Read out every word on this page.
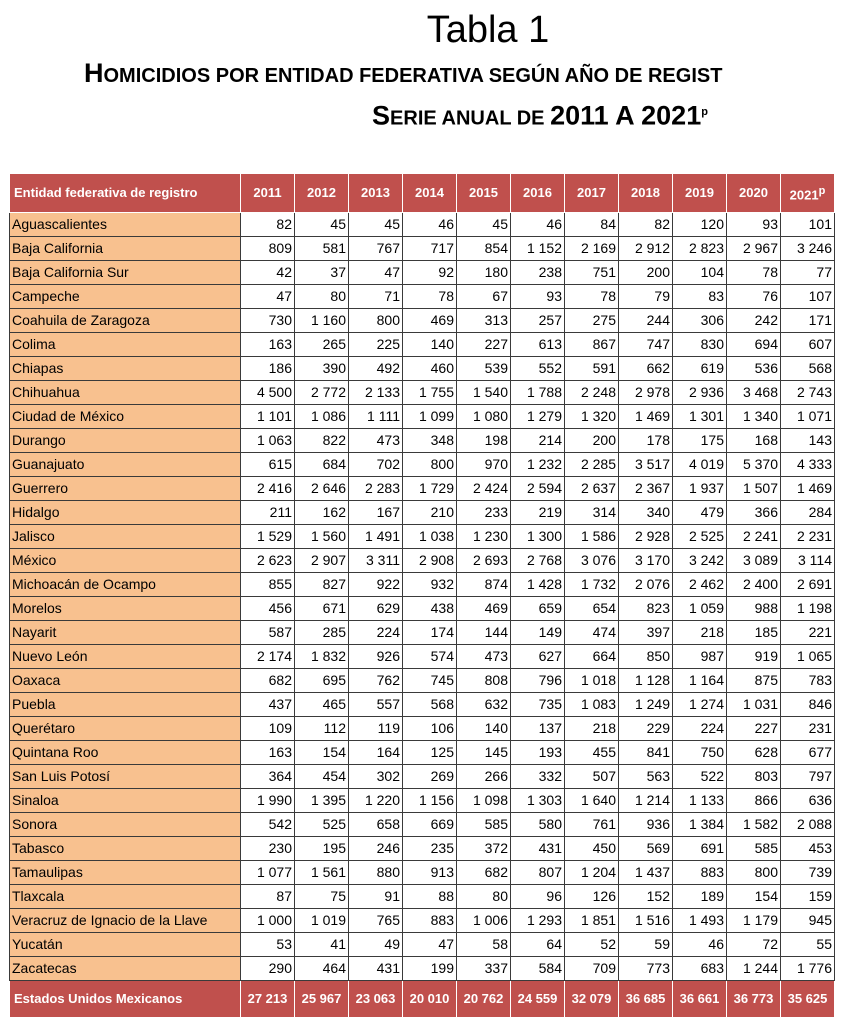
Tabla 1
HOMICIDIOS POR ENTIDAD FEDERATIVA SEGÚN AÑO DE REGIST
SERIE ANUAL DE 2011 A 2021$^p$
Entidad federativa de registro	2011	2012	2013	2014	2015	2016	2017	2018	2019	2020	2021$^p$
Aguascalientes	82	45	45	46	45	46	84	82	120	93	101
Baja California	809	581	767	717	854	1 152	2 169	2 912	2 823	2 967	3 246
Baja California Sur	42	37	47	92	180	238	751	200	104	78	77
Campeche	47	80	71	78	67	93	78	79	83	76	107
Coahuila de Zaragoza	730	1 160	800	469	313	257	275	244	306	242	171
Colima	163	265	225	140	227	613	867	747	830	694	607
Chiapas	186	390	492	460	539	552	591	662	619	536	568
Chihuahua	4 500	2 772	2 133	1 755	1 540	1 788	2 248	2 978	2 936	3 468	2 743
Ciudad de México	1 101	1 086	1 111	1 099	1 080	1 279	1 320	1 469	1 301	1 340	1 071
Durango	1 063	822	473	348	198	214	200	178	175	168	143
Guanajuato	615	684	702	800	970	1 232	2 285	3 517	4 019	5 370	4 333
Guerrero	2 416	2 646	2 283	1 729	2 424	2 594	2 637	2 367	1 937	1 507	1 469
Hidalgo	211	162	167	210	233	219	314	340	479	366	284
Jalisco	1 529	1 560	1 491	1 038	1 230	1 300	1 586	2 928	2 525	2 241	2 231
México	2 623	2 907	3 311	2 908	2 693	2 768	3 076	3 170	3 242	3 089	3 114
Michoacán de Ocampo	855	827	922	932	874	1 428	1 732	2 076	2 462	2 400	2 691
Morelos	456	671	629	438	469	659	654	823	1 059	988	1 198
Nayarit	587	285	224	174	144	149	474	397	218	185	221
Nuevo León	2 174	1 832	926	574	473	627	664	850	987	919	1 065
Oaxaca	682	695	762	745	808	796	1 018	1 128	1 164	875	783
Puebla	437	465	557	568	632	735	1 083	1 249	1 274	1 031	846
Querétaro	109	112	119	106	140	137	218	229	224	227	231
Quintana Roo	163	154	164	125	145	193	455	841	750	628	677
San Luis Potosí	364	454	302	269	266	332	507	563	522	803	797
Sinaloa	1 990	1 395	1 220	1 156	1 098	1 303	1 640	1 214	1 133	866	636
Sonora	542	525	658	669	585	580	761	936	1 384	1 582	2 088
Tabasco	230	195	246	235	372	431	450	569	691	585	453
Tamaulipas	1 077	1 561	880	913	682	807	1 204	1 437	883	800	739
Tlaxcala	87	75	91	88	80	96	126	152	189	154	159
Veracruz de Ignacio de la Llave	1 000	1 019	765	883	1 006	1 293	1 851	1 516	1 493	1 179	945
Yucatán	53	41	49	47	58	64	52	59	46	72	55
Zacatecas	290	464	431	199	337	584	709	773	683	1 244	1 776
Estados Unidos Mexicanos	27 213	25 967	23 063	20 010	20 762	24 559	32 079	36 685	36 661	36 773	35 625
